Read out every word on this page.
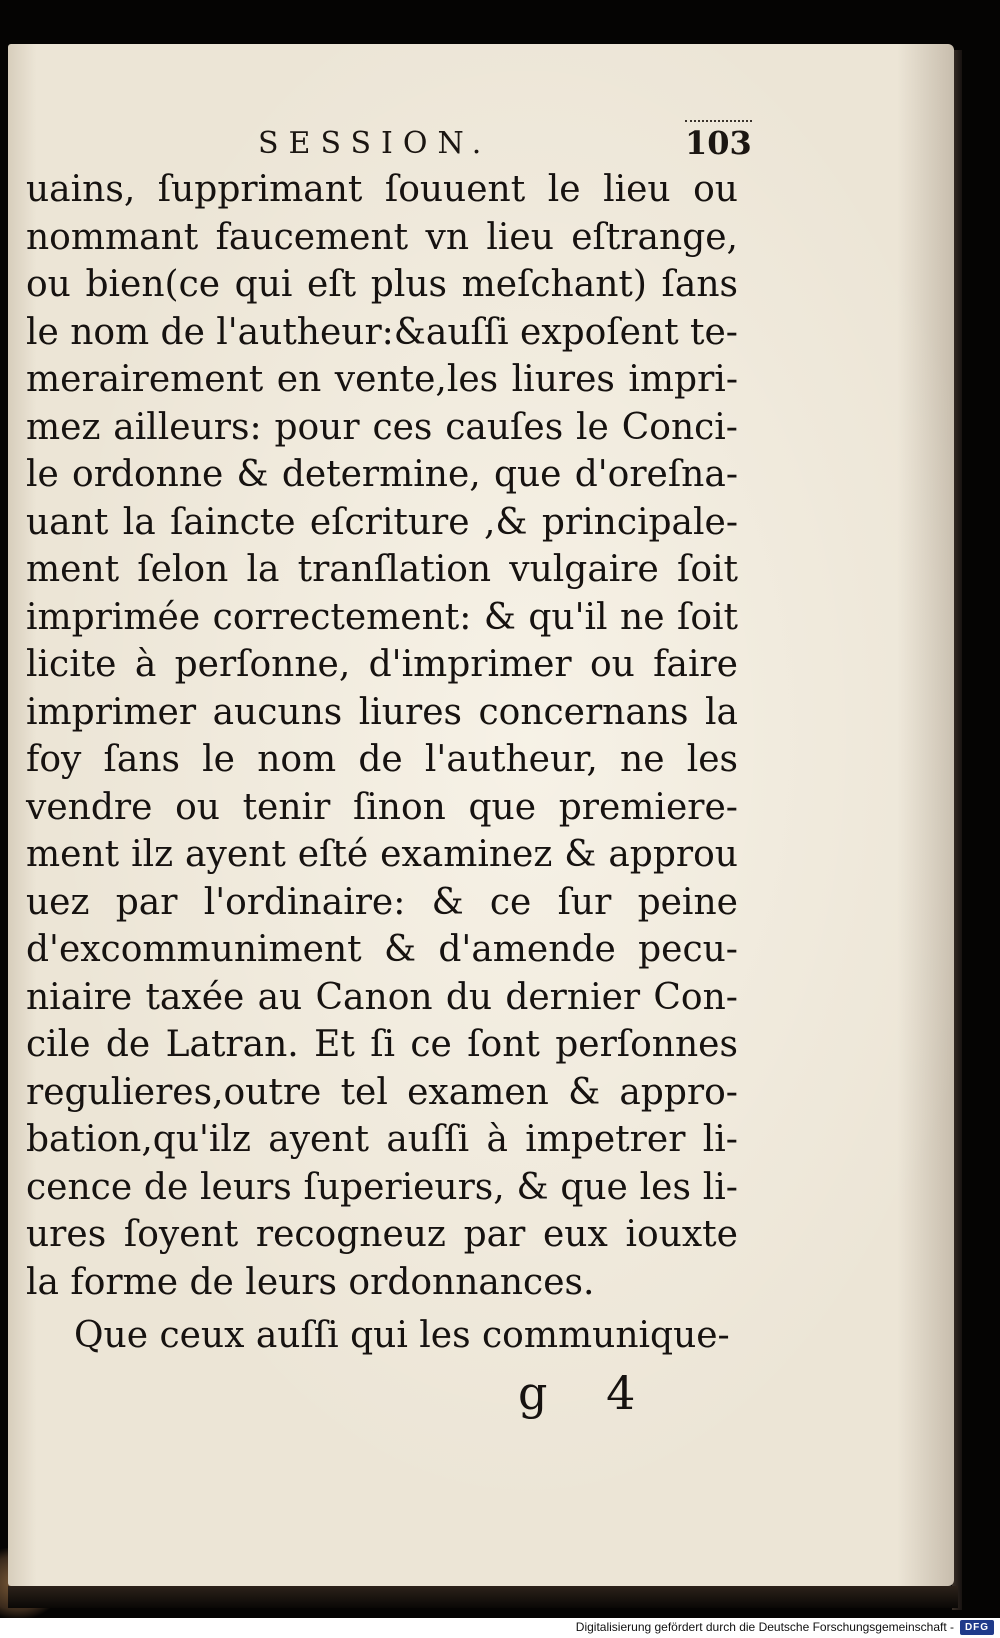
SESSION.	103
uains, ſupprimant ſouuent le lieu ou
nommant faucement vn lieu eſtrange,
ou bien(ce qui eſt plus meſchant) ſans
le nom de l'autheur:&auſſi expoſent te-
merairement en vente,les liures impri-
mez ailleurs: pour ces cauſes le Conci-
le ordonne & determine, que d'oreſna-
uant la ſaincte eſcriture ,& principale-
ment ſelon la tranſlation vulgaire ſoit
imprimée correctement: & qu'il ne ſoit
licite à perſonne, d'imprimer ou faire
imprimer aucuns liures concernans la
foy ſans le nom de l'autheur, ne les
vendre ou tenir ſinon que premiere-
ment ilz ayent eſté examinez & approu
uez par l'ordinaire: & ce ſur peine
d'excommuniment & d'amende pecu-
niaire taxée au Canon du dernier Con-
cile de Latran. Et ſi ce ſont perſonnes
regulieres,outre tel examen & appro-
bation,qu'ilz ayent auſſi à impetrer li-
cence de leurs ſuperieurs, & que les li-
ures ſoyent recogneuz par eux iouxte
la forme de leurs ordonnances.
Que ceux auſſi qui les communique-
g 4
Digitalisierung gefördert durch die Deutsche Forschungsgemeinschaft -	DFG
